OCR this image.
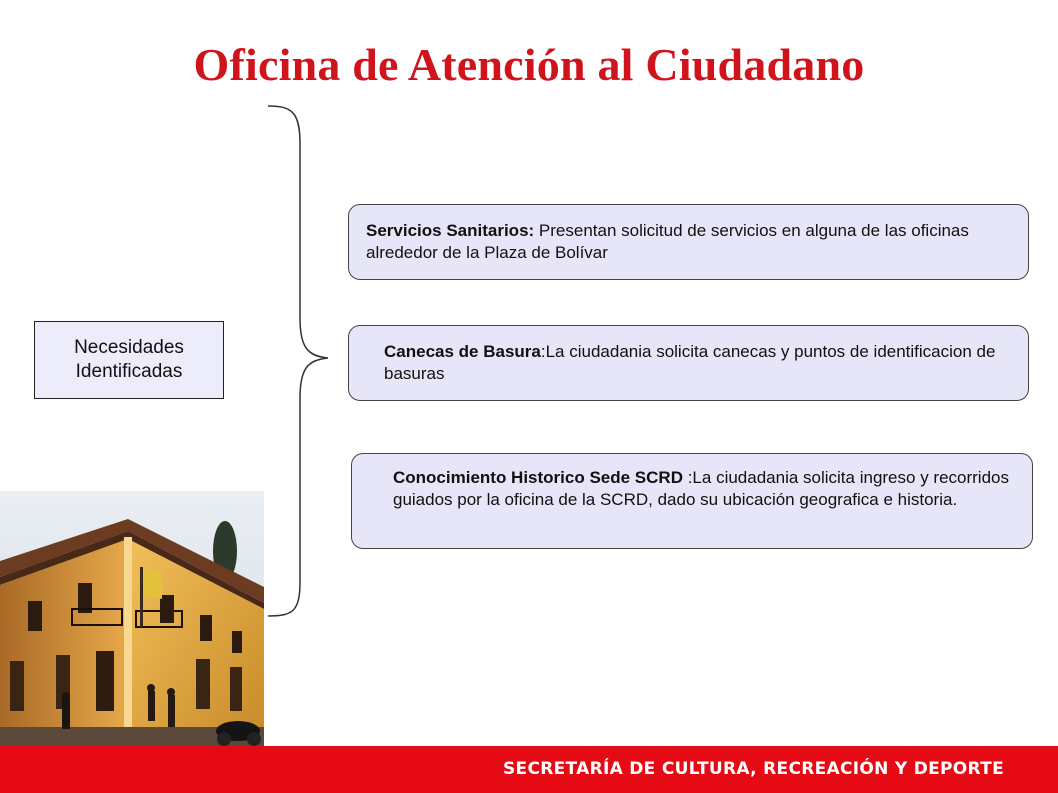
Oficina de Atención al Ciudadano
Necesidades Identificadas
Servicios Sanitarios: Presentan solicitud de servicios en alguna de las oficinas alrededor de la Plaza de Bolívar
Canecas de Basura:La ciudadania solicita canecas y puntos de identificacion de basuras
Conocimiento Historico Sede SCRD :La ciudadania solicita ingreso y recorridos guiados por la oficina de la SCRD, dado su ubicación geografica e historia.
SECRETARÍA DE CULTURA, RECREACIÓN Y DEPORTE
